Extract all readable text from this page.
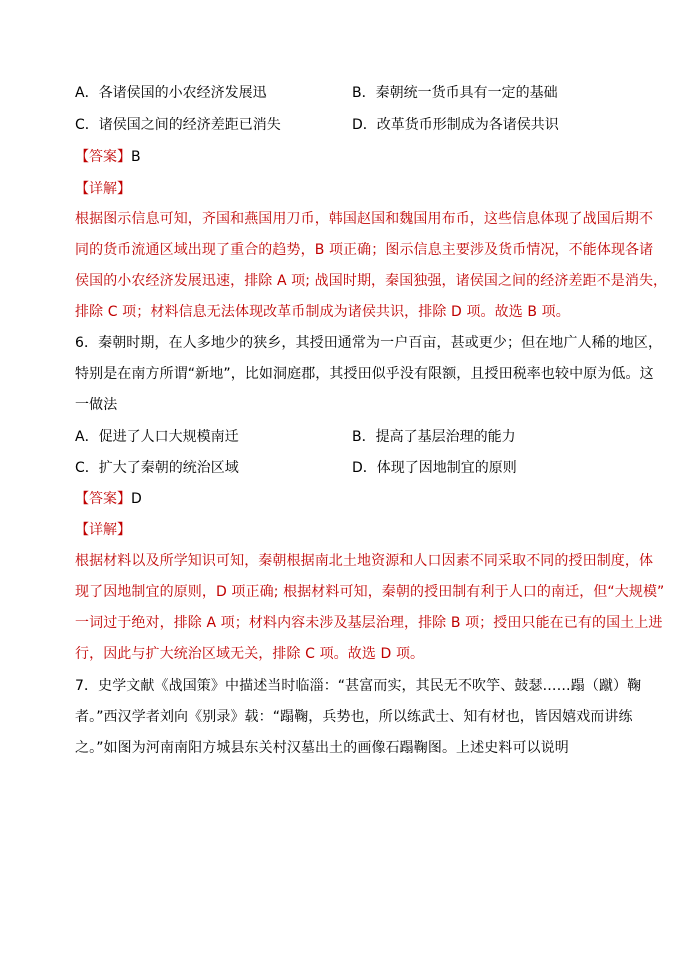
A．各诸侯国的小农经济发展迅	B．秦朝统一货币具有一定的基础
C．诸侯国之间的经济差距已消失	D．改革货币形制成为各诸侯共识
【答案】B
【详解】
根据图示信息可知，齐国和燕国用刀币，韩国赵国和魏国用布币，这些信息体现了战国后期不
同的货币流通区域出现了重合的趋势，B 项正确；图示信息主要涉及货币情况，不能体现各诸
侯国的小农经济发展迅速，排除 A 项; 战国时期，秦国独强，诸侯国之间的经济差距不是消失，
排除 C 项；材料信息无法体现改革币制成为诸侯共识，排除 D 项。故选 B 项。
6．秦朝时期，在人多地少的狭乡，其授田通常为一户百亩，甚或更少；但在地广人稀的地区，
特别是在南方所谓“新地”，比如洞庭郡，其授田似乎没有限额，且授田税率也较中原为低。这
一做法
A．促进了人口大规模南迁	B．提高了基层治理的能力
C．扩大了秦朝的统治区域	D．体现了因地制宜的原则
【答案】D
【详解】
根据材料以及所学知识可知，秦朝根据南北土地资源和人口因素不同采取不同的授田制度，体
现了因地制宜的原则，D 项正确; 根据材料可知，秦朝的授田制有利于人口的南迁，但“大规模”
一词过于绝对，排除 A 项；材料内容未涉及基层治理，排除 B 项；授田只能在已有的国土上进
行，因此与扩大统治区域无关，排除 C 项。故选 D 项。
7．史学文献《战国策》中描述当时临淄：“甚富而实，其民无不吹竽、鼓瑟……蹋（蹴）鞠
者。”西汉学者刘向《别录》载：“蹋鞠，兵势也，所以练武士、知有材也，皆因嬉戏而讲练
之。”如图为河南南阳方城县东关村汉墓出土的画像石蹋鞠图。上述史料可以说明
